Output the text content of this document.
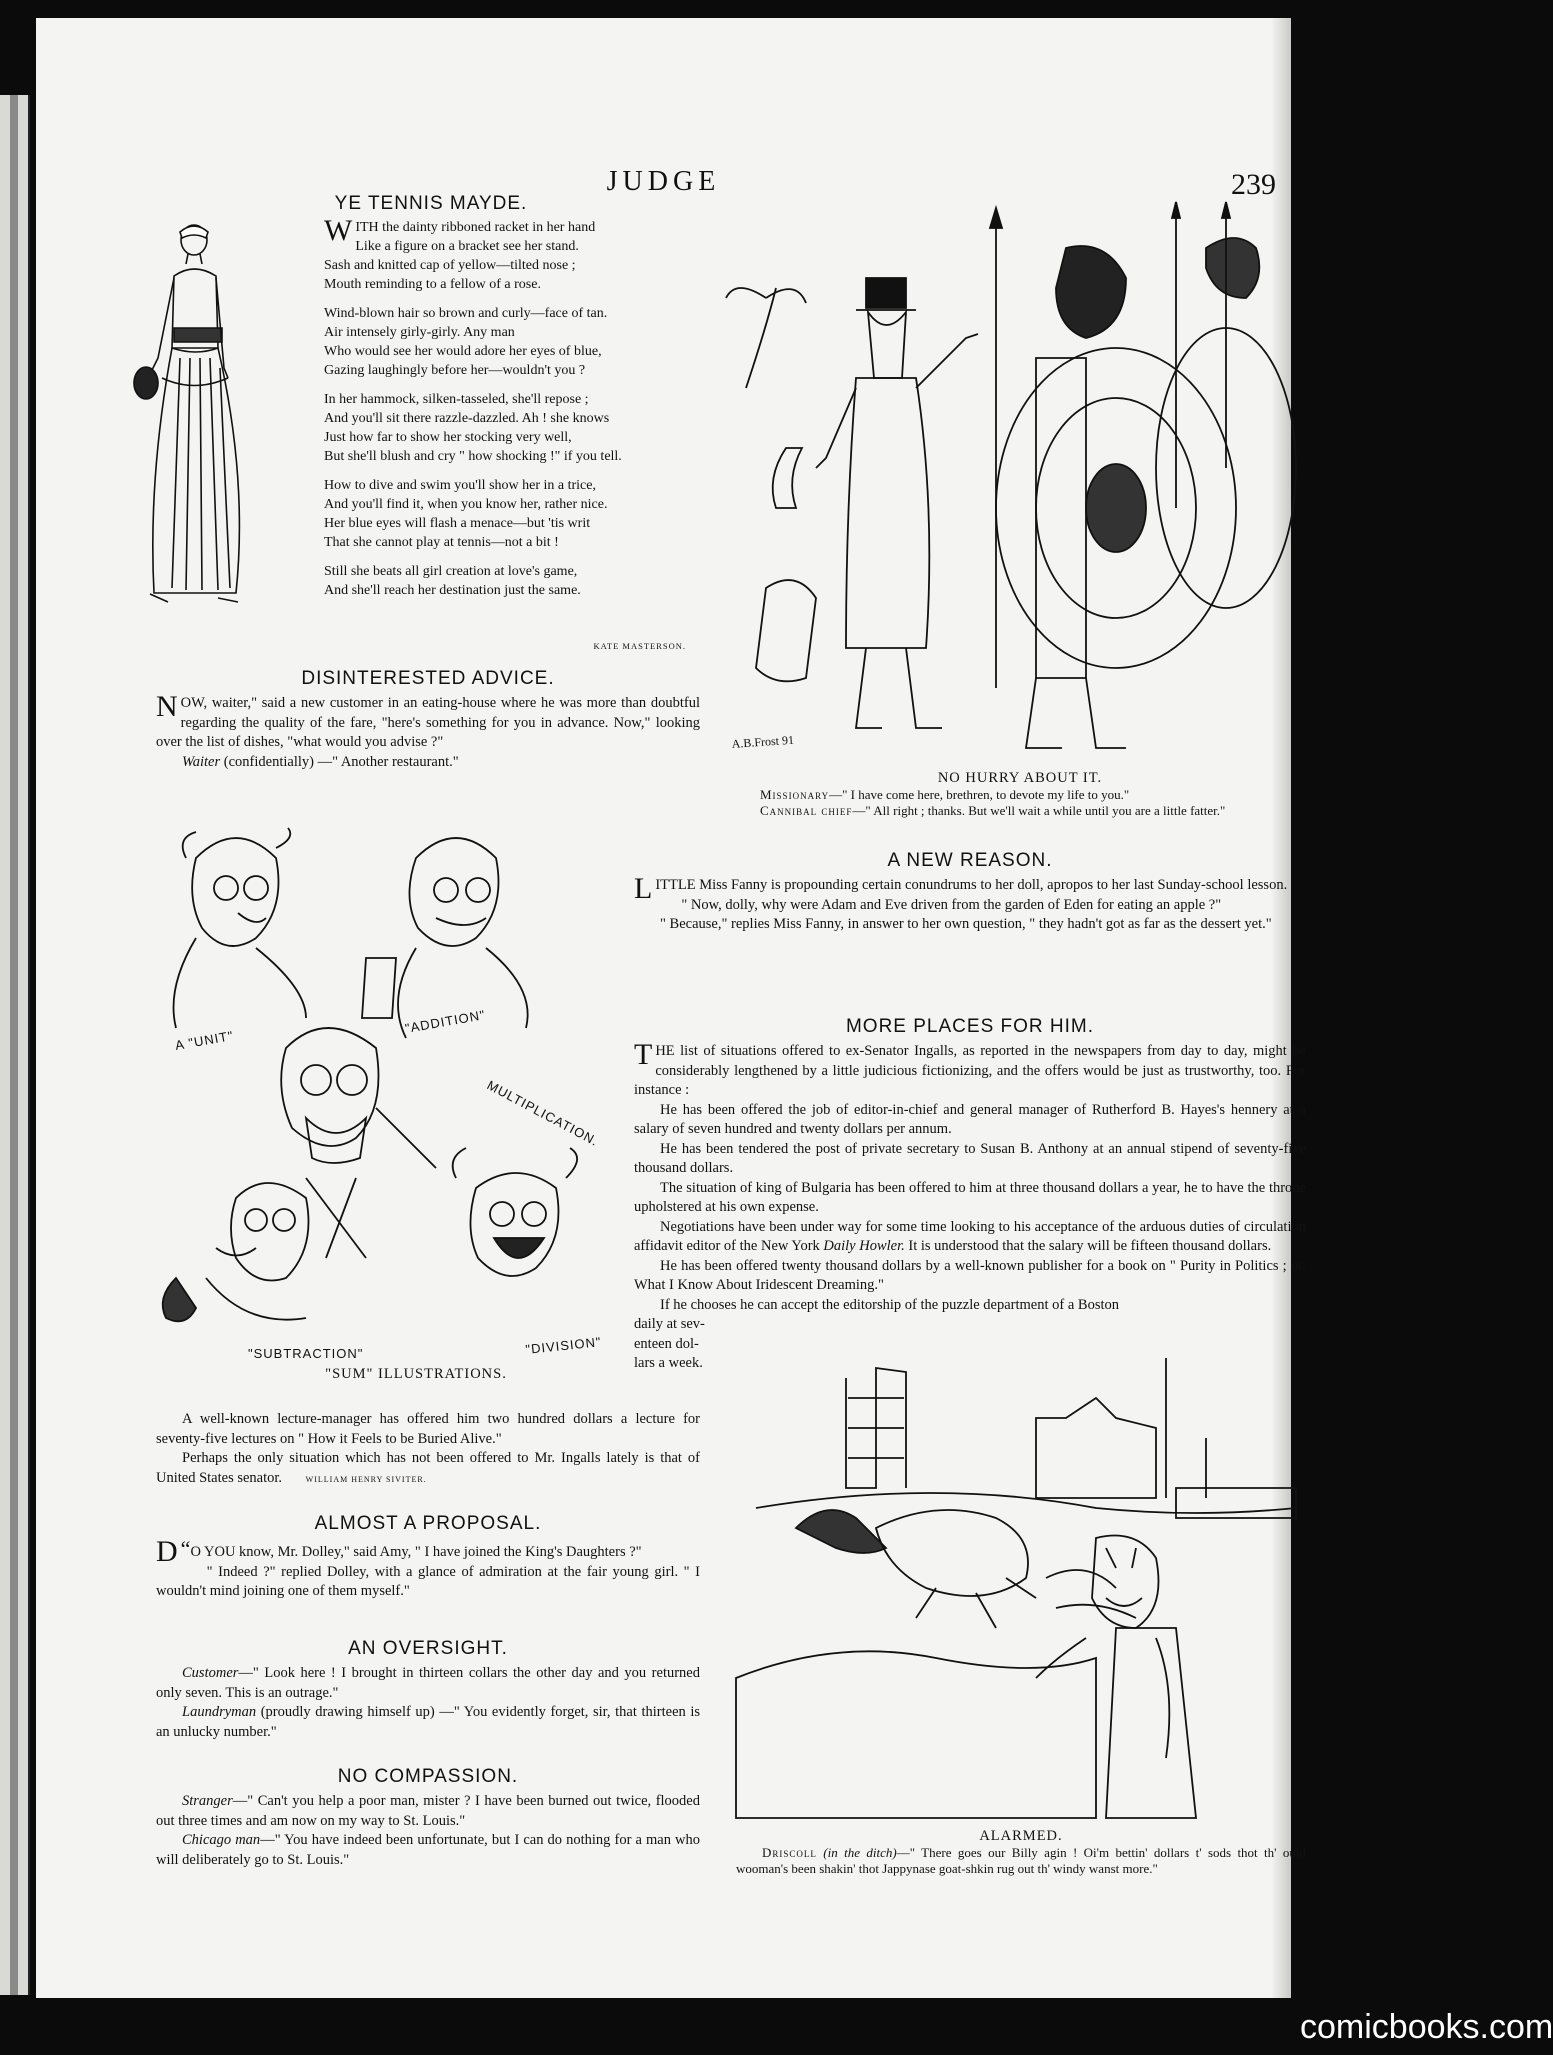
JUDGE	239
YE TENNIS MAYDE.
WITH the dainty ribboned racket in her hand
Like a figure on a bracket see her stand.
Sash and knitted cap of yellow—tilted nose ;
Mouth reminding to a fellow of a rose.
Wind-blown hair so brown and curly—face of tan.
Air intensely girly-girly. Any man
Who would see her would adore her eyes of blue,
Gazing laughingly before her—wouldn't you ?
In her hammock, silken-tasseled, she'll repose ;
And you'll sit there razzle-dazzled. Ah ! she knows
Just how far to show her stocking very well,
But she'll blush and cry " how shocking !" if you tell.
How to dive and swim you'll show her in a trice,
And you'll find it, when you know her, rather nice.
Her blue eyes will flash a menace—but 'tis writ
That she cannot play at tennis—not a bit !
Still she beats all girl creation at love's game,
And she'll reach her destination just the same.
KATE MASTERSON.
DISINTERESTED ADVICE.

NOW, waiter," said a new customer in an eating-house where he was more than doubtful regarding the quality of the fare, "here's something for you in advance. Now," looking over the list of dishes, "what would you advise ?"

Waiter (confidentially) —" Another restaurant."

A "UNIT"
"ADDITION"
MULTIPLICATION.
"SUBTRACTION"	"DIVISION"
"SUM" ILLUSTRATIONS.
A.B.Frost 91
NO HURRY ABOUT IT.

Missionary—" I have come here, brethren, to devote my life to you."

Cannibal chief—" All right ; thanks. But we'll wait a while until you are a little fatter."

A NEW REASON.

LITTLE Miss Fanny is propounding certain conundrums to her doll, apropos to her last Sunday-school lesson.

" Now, dolly, why were Adam and Eve driven from the garden of Eden for eating an apple ?"

" Because," replies Miss Fanny, in answer to her own question, " they hadn't got as far as the dessert yet."

MORE PLACES FOR HIM.

THE list of situations offered to ex-Senator Ingalls, as reported in the newspapers from day to day, might be considerably lengthened by a little judicious fictionizing, and the offers would be just as trustworthy, too. For instance :

He has been offered the job of editor-in-chief and general manager of Rutherford B. Hayes's hennery at a salary of seven hundred and twenty dollars per annum.

He has been tendered the post of private secretary to Susan B. Anthony at an annual stipend of seventy-five thousand dollars.

The situation of king of Bulgaria has been offered to him at three thousand dollars a year, he to have the throne upholstered at his own expense.

Negotiations have been under way for some time looking to his acceptance of the arduous duties of circulation affidavit editor of the New York Daily Howler. It is understood that the salary will be fifteen thousand dollars.

He has been offered twenty thousand dollars by a well-known publisher for a book on " Purity in Politics ; or, What I Know About Iridescent Dreaming."

If he chooses he can accept the editorship of the puzzle department of a Boston

daily at sev-

enteen dol-

lars a week.

A well-known lecture-manager has offered him two hundred dollars a lecture for seventy-five lectures on " How it Feels to be Buried Alive."

Perhaps the only situation which has not been offered to Mr. Ingalls lately is that of United States senator.	WILLIAM HENRY SIVITER.

ALMOST A PROPOSAL.

“
D O YOU know, Mr. Dolley," said Amy, " I have joined the King's Daughters ?"

" Indeed ?" replied Dolley, with a glance of admiration at the fair young girl. " I wouldn't mind joining one of them myself."

AN OVERSIGHT.

Customer—" Look here ! I brought in thirteen collars the other day and you returned only seven. This is an outrage."

Laundryman (proudly drawing himself up) —" You evidently forget, sir, that thirteen is an unlucky number."

NO COMPASSION.

Stranger—" Can't you help a poor man, mister ? I have been burned out twice, flooded out three times and am now on my way to St. Louis."

Chicago man—" You have indeed been unfortunate, but I can do nothing for a man who will deliberately go to St. Louis."

ALARMED.

Driscoll (in the ditch)—" There goes our Billy agin ! Oi'm bettin' dollars t' sods thot th' ould wooman's been shakin' thot Jappynase goat-shkin rug out th' windy wanst more."

comicbooks.com
